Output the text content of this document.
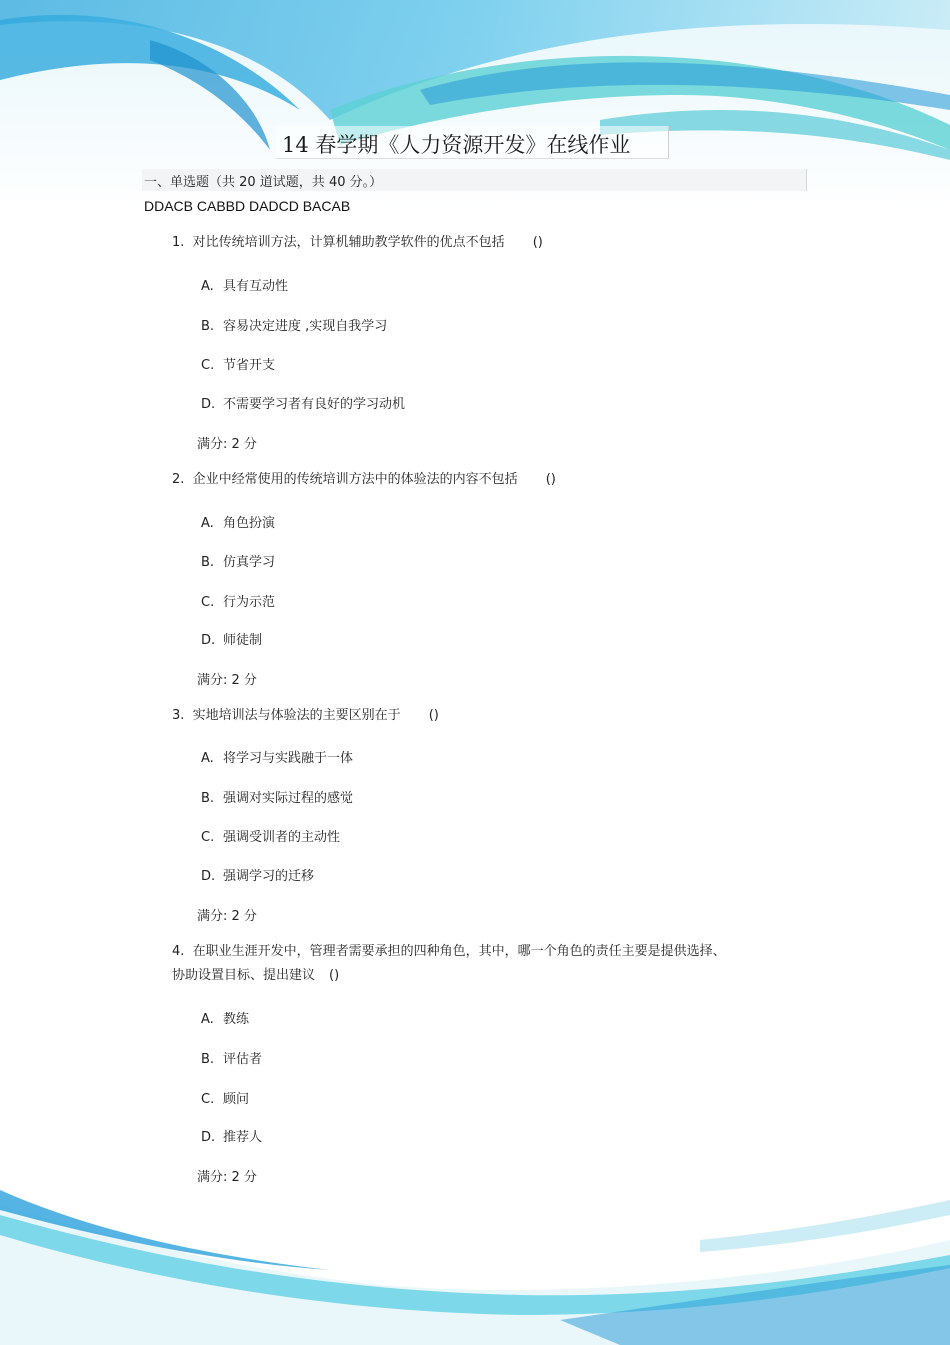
14 春学期《人力资源开发》在线作业
一、单选题（共 20 道试题，共 40 分。）
DDACB CABBD DADCD BACAB
1. 对比传统培训方法，计算机辅助教学软件的优点不包括 ()
A. 具有互动性
B. 容易决定进度 ,实现自我学习
C. 节省开支
D. 不需要学习者有良好的学习动机
满分: 2 分
2. 企业中经常使用的传统培训方法中的体验法的内容不包括 ()
A. 角色扮演
B. 仿真学习
C. 行为示范
D. 师徒制
满分: 2 分
3. 实地培训法与体验法的主要区别在于 ()
A. 将学习与实践融于一体
B. 强调对实际过程的感觉
C. 强调受训者的主动性
D. 强调学习的迁移
满分: 2 分
4. 在职业生涯开发中，管理者需要承担的四种角色，其中，哪一个角色的责任主要是提供选择、
协助设置目标、提出建议 ()
A. 教练
B. 评估者
C. 顾问
D. 推荐人
满分: 2 分
